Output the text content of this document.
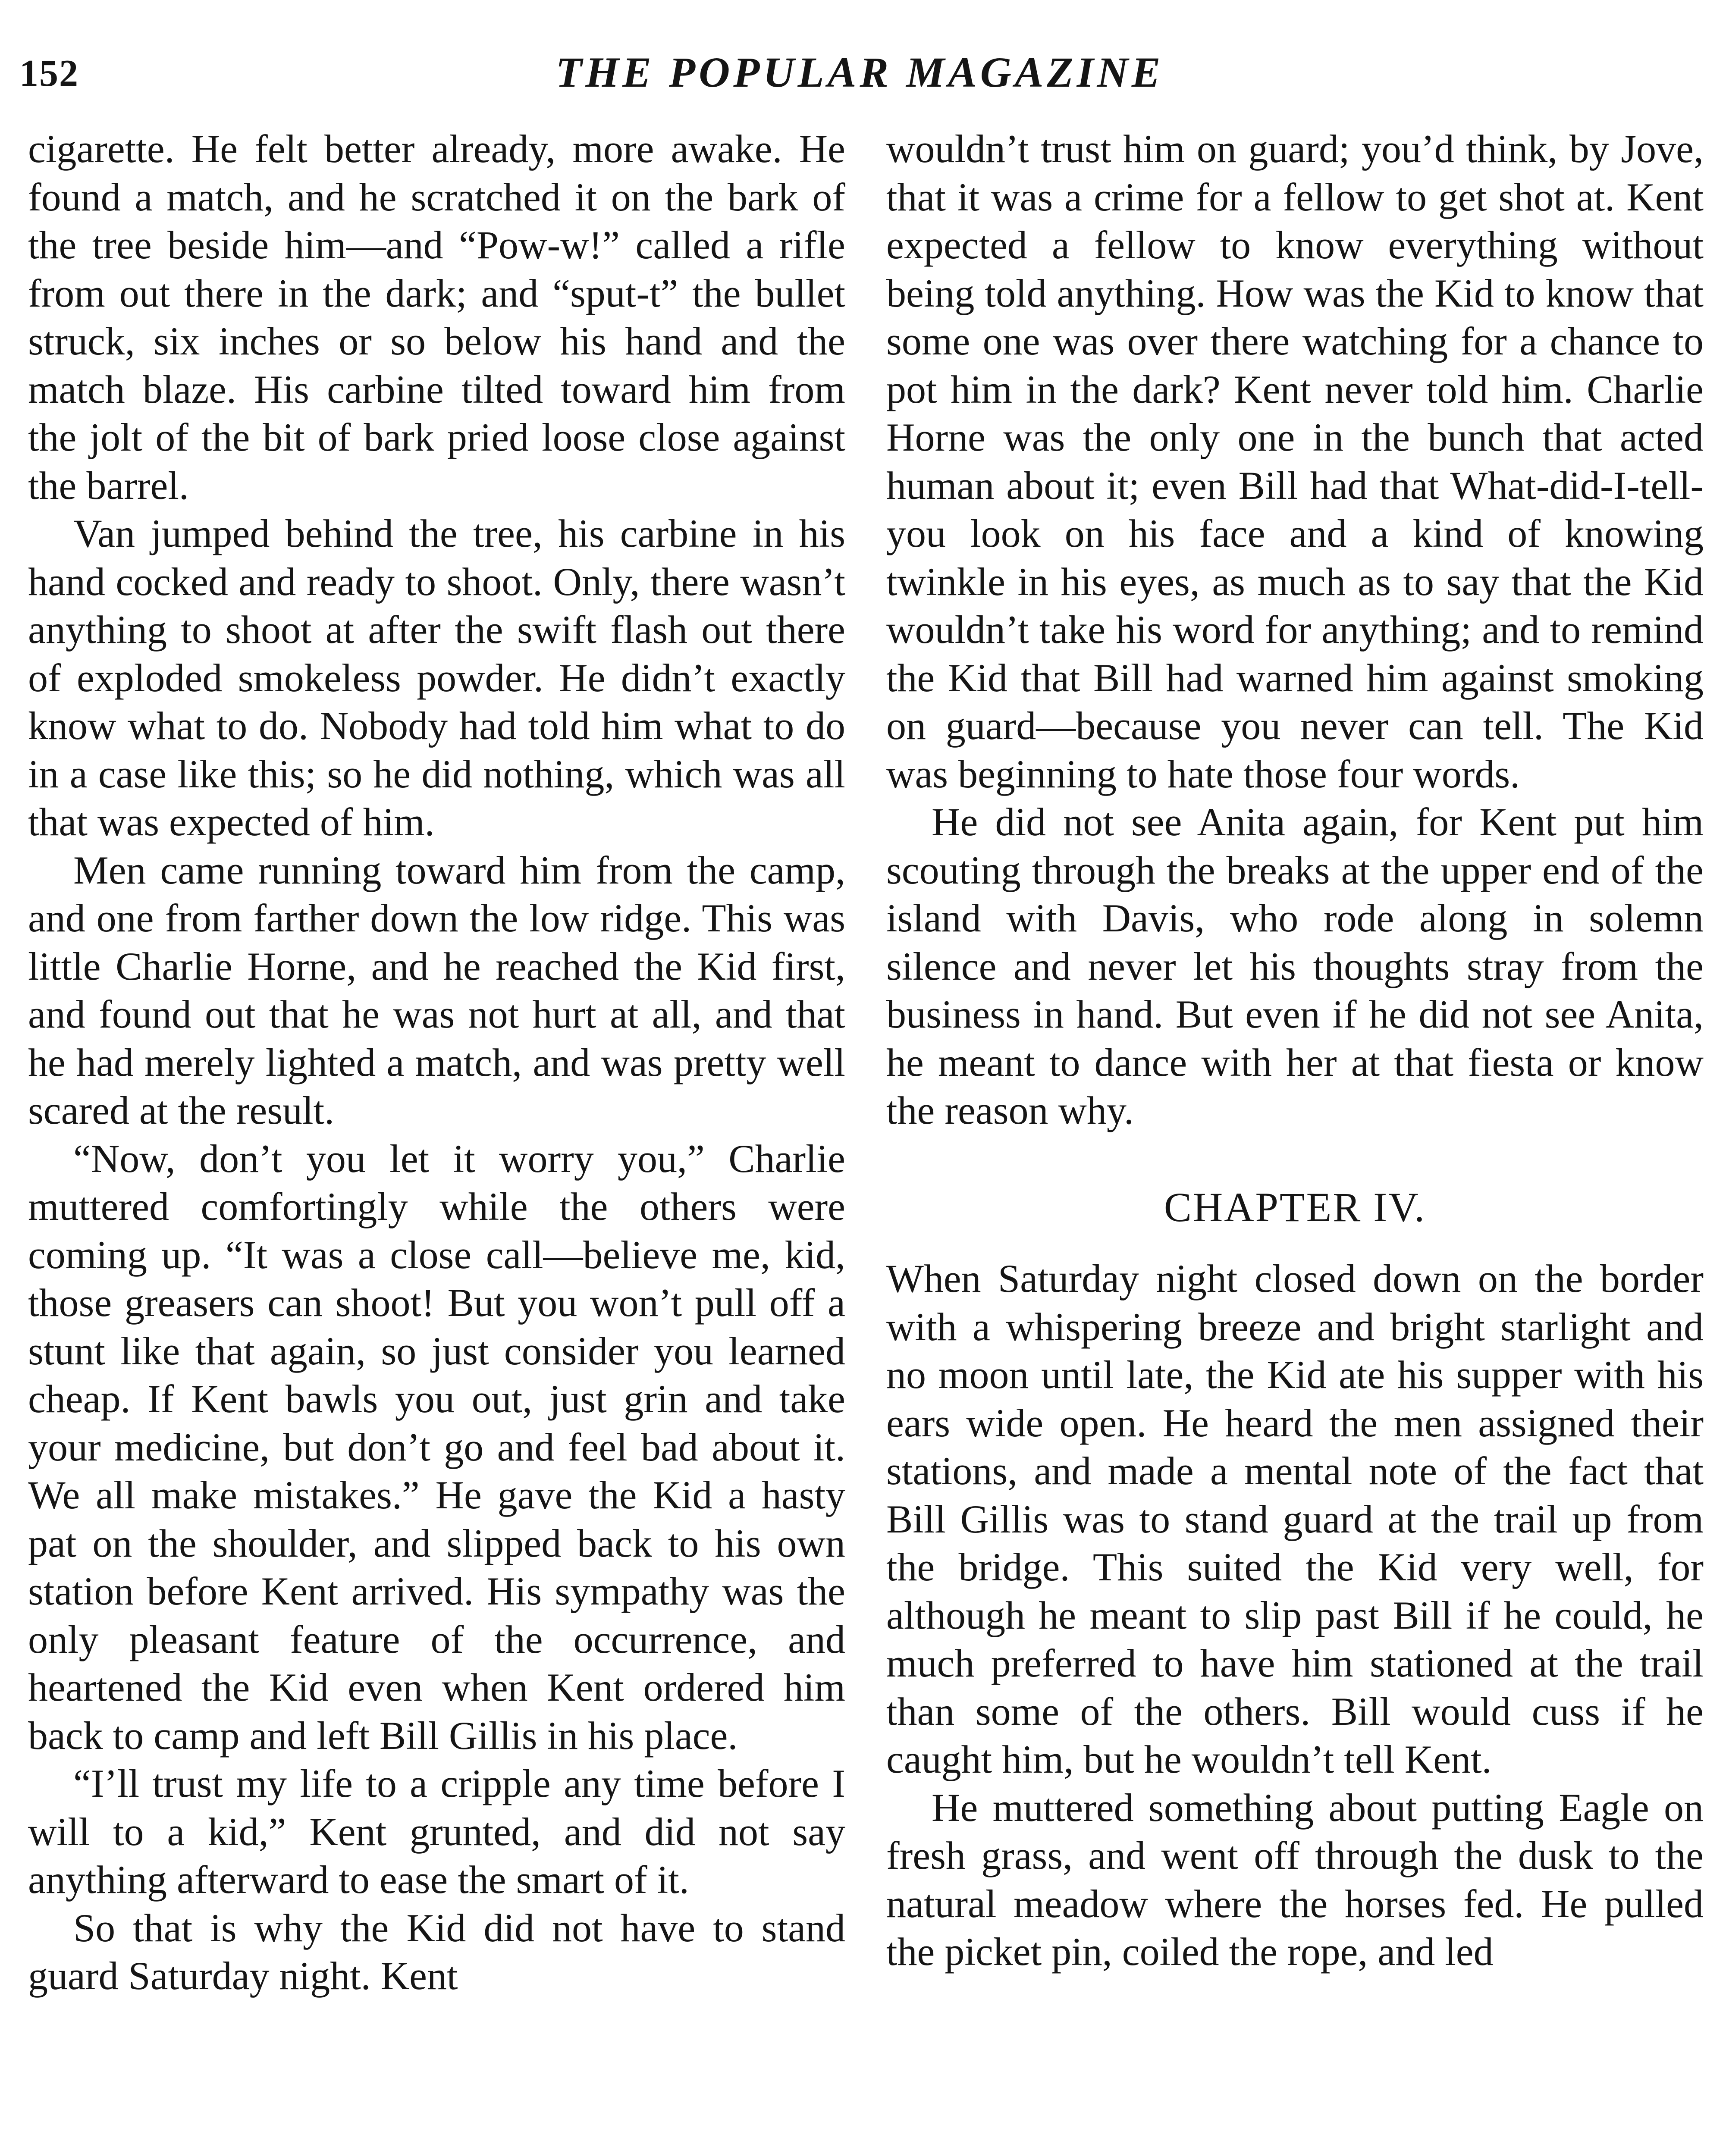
152	THE POPULAR MAGAZINE

cigarette. He felt better already, more awake. He found a match, and he scratched it on the bark of the tree beside him—and “Pow-w!” called a rifle from out there in the dark; and “sput-t” the bullet struck, six inches or so below his hand and the match blaze. His carbine tilted toward him from the jolt of the bit of bark pried loose close against the barrel.

Van jumped behind the tree, his carbine in his hand cocked and ready to shoot. Only, there wasn’t anything to shoot at after the swift flash out there of exploded smokeless powder. He didn’t exactly know what to do. Nobody had told him what to do in a case like this; so he did nothing, which was all that was expected of him.

Men came running toward him from the camp, and one from farther down the low ridge. This was little Charlie Horne, and he reached the Kid first, and found out that he was not hurt at all, and that he had merely lighted a match, and was pretty well scared at the result.

“Now, don’t you let it worry you,” Charlie muttered comfortingly while the others were coming up. “It was a close call—believe me, kid, those greasers can shoot! But you won’t pull off a stunt like that again, so just consider you learned cheap. If Kent bawls you out, just grin and take your medicine, but don’t go and feel bad about it. We all make mistakes.” He gave the Kid a hasty pat on the shoulder, and slipped back to his own station before Kent arrived. His sympathy was the only pleasant feature of the occurrence, and heartened the Kid even when Kent ordered him back to camp and left Bill Gillis in his place.

“I’ll trust my life to a cripple any time before I will to a kid,” Kent grunted, and did not say anything afterward to ease the smart of it.

So that is why the Kid did not have to stand guard Saturday night. Kent

wouldn’t trust him on guard; you’d think, by Jove, that it was a crime for a fellow to get shot at. Kent expected a fellow to know everything without being told anything. How was the Kid to know that some one was over there watching for a chance to pot him in the dark? Kent never told him. Charlie Horne was the only one in the bunch that acted human about it; even Bill had that What-did-I-tell-you look on his face and a kind of knowing twinkle in his eyes, as much as to say that the Kid wouldn’t take his word for anything; and to remind the Kid that Bill had warned him against smoking on guard—because you never can tell. The Kid was beginning to hate those four words.

He did not see Anita again, for Kent put him scouting through the breaks at the upper end of the island with Davis, who rode along in solemn silence and never let his thoughts stray from the business in hand. But even if he did not see Anita, he meant to dance with her at that fiesta or know the reason why.

CHAPTER IV.

When Saturday night closed down on the border with a whispering breeze and bright starlight and no moon until late, the Kid ate his supper with his ears wide open. He heard the men assigned their stations, and made a mental note of the fact that Bill Gillis was to stand guard at the trail up from the bridge. This suited the Kid very well, for although he meant to slip past Bill if he could, he much preferred to have him stationed at the trail than some of the others. Bill would cuss if he caught him, but he wouldn’t tell Kent.

He muttered something about putting Eagle on fresh grass, and went off through the dusk to the natural meadow where the horses fed. He pulled the picket pin, coiled the rope, and led
